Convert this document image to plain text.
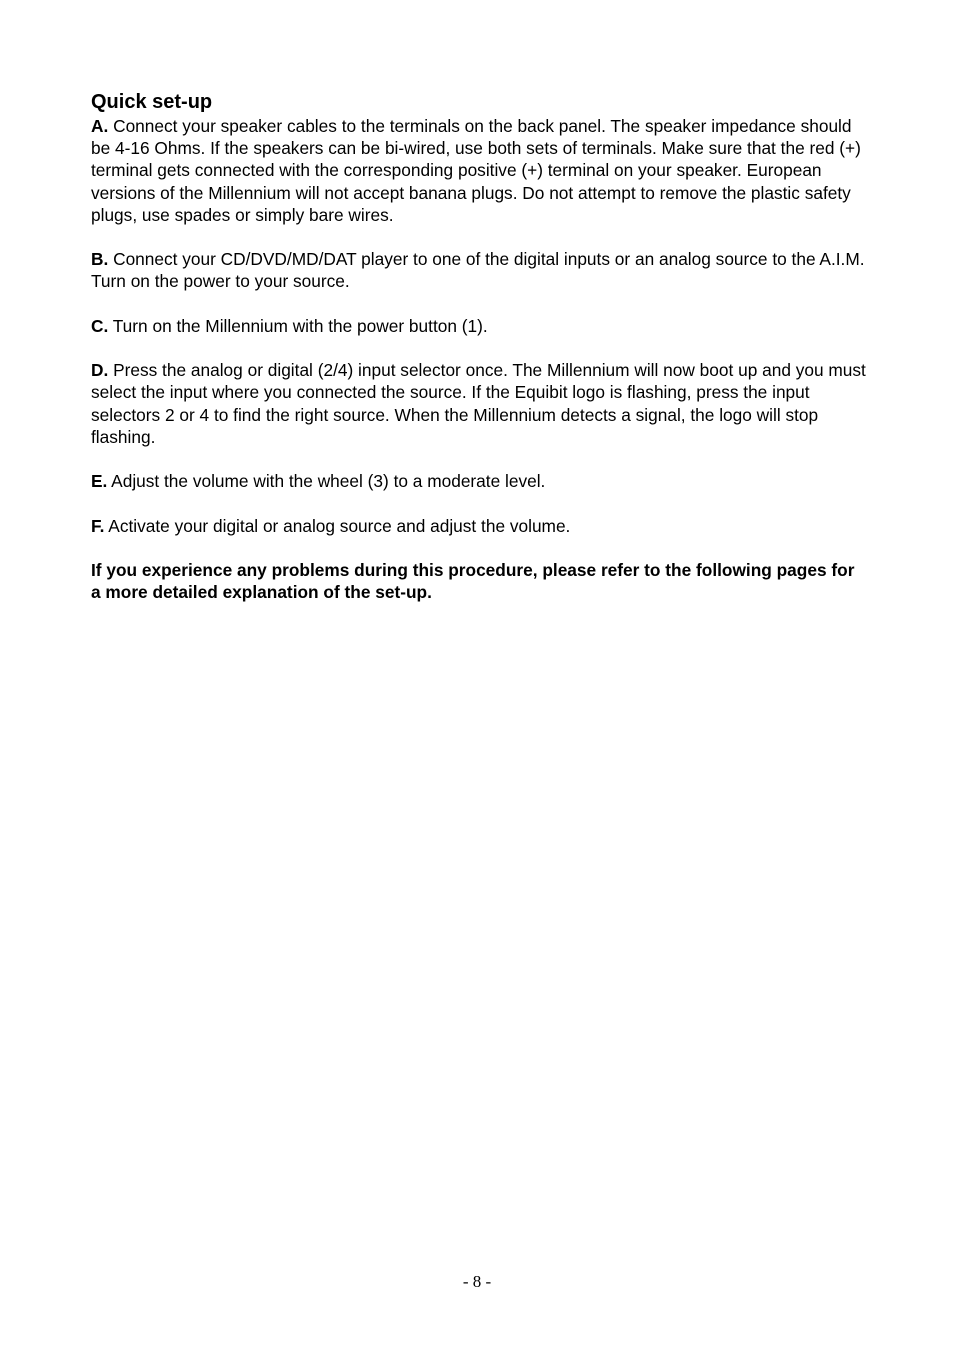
Quick set-up

A. Connect your speaker cables to the terminals on the back panel. The speaker impedance should be 4-16 Ohms. If the speakers can be bi-wired, use both sets of terminals. Make sure that the red (+) terminal gets connected with the corresponding positive (+) terminal on your speaker. European versions of the Millennium will not accept banana plugs. Do not attempt to remove the plastic safety plugs, use spades or simply bare wires.

B. Connect your CD/DVD/MD/DAT player to one of the digital inputs or an analog source to the A.I.M. Turn on the power to your source.

C. Turn on the Millennium with the power button (1).

D. Press the analog or digital (2/4) input selector once. The Millennium will now boot up and you must select the input where you connected the source. If the Equibit logo is flashing, press the input selectors 2 or 4 to find the right source. When the Millennium detects a signal, the logo will stop flashing.

E. Adjust the volume with the wheel (3) to a moderate level.

F. Activate your digital or analog source and adjust the volume.

If you experience any problems during this procedure, please refer to the following pages for a more detailed explanation of the set-up.

- 8 -
